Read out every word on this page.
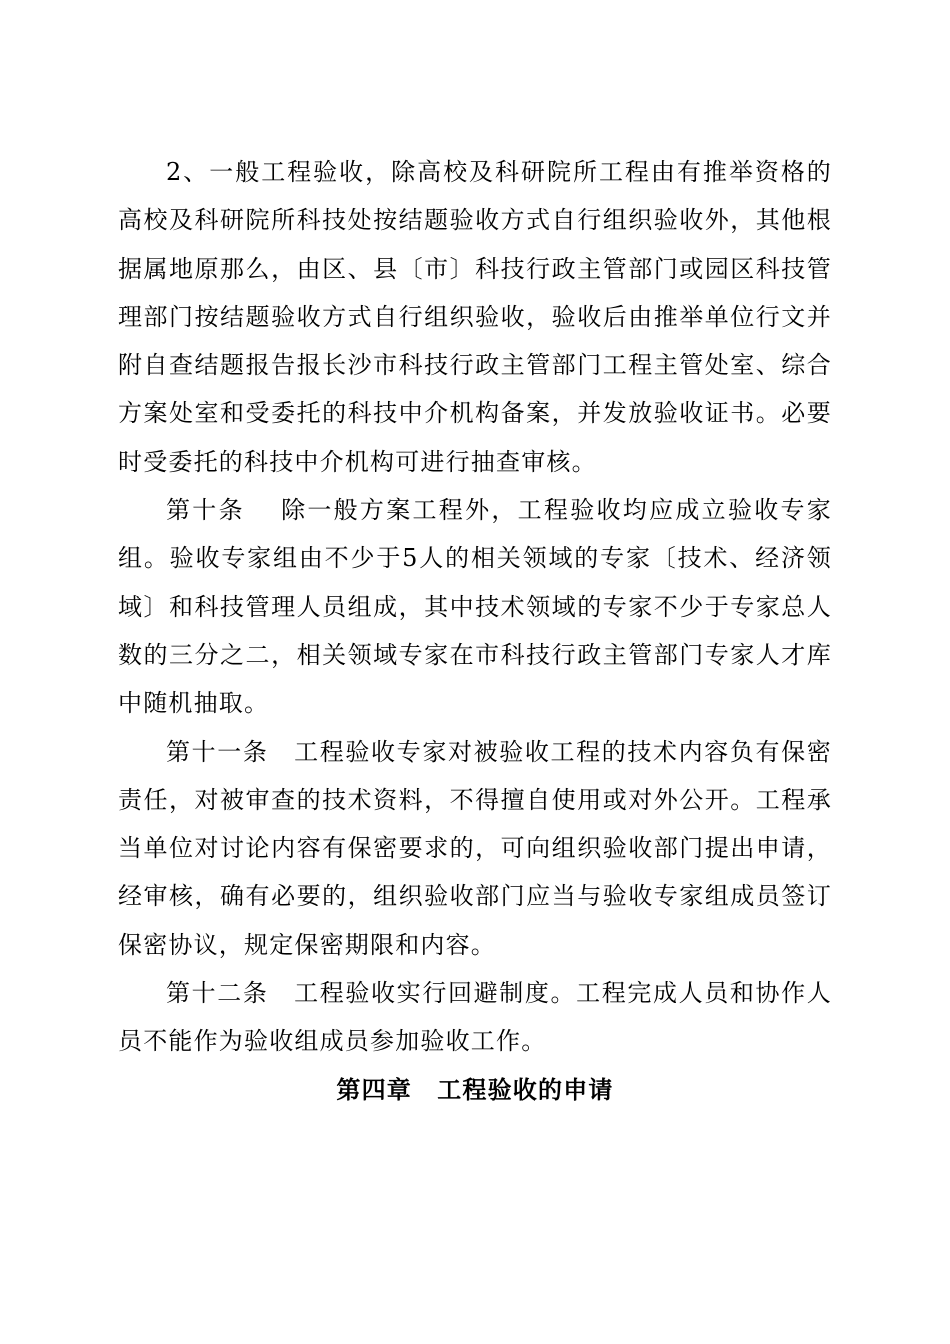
2、一般工程验收，除高校及科研院所工程由有推举资格的高校及科研院所科技处按结题验收方式自行组织验收外，其他根据属地原那么，由区、县〔市〕科技行政主管部门或园区科技管理部门按结题验收方式自行组织验收，验收后由推举单位行文并附自查结题报告报长沙市科技行政主管部门工程主管处室、综合方案处室和受委托的科技中介机构备案，并发放验收证书。必要时受委托的科技中介机构可进行抽查审核。

第十条　 除一般方案工程外，工程验收均应成立验收专家组。验收专家组由不少于5人的相关领域的专家〔技术、经济领域〕和科技管理人员组成，其中技术领域的专家不少于专家总人数的三分之二，相关领域专家在市科技行政主管部门专家人才库中随机抽取。

第十一条　工程验收专家对被验收工程的技术内容负有保密责任，对被审查的技术资料，不得擅自使用或对外公开。工程承当单位对讨论内容有保密要求的，可向组织验收部门提出申请，经审核，确有必要的，组织验收部门应当与验收专家组成员签订保密协议，规定保密期限和内容。

第十二条　工程验收实行回避制度。工程完成人员和协作人员不能作为验收组成员参加验收工作。

第四章　工程验收的申请
